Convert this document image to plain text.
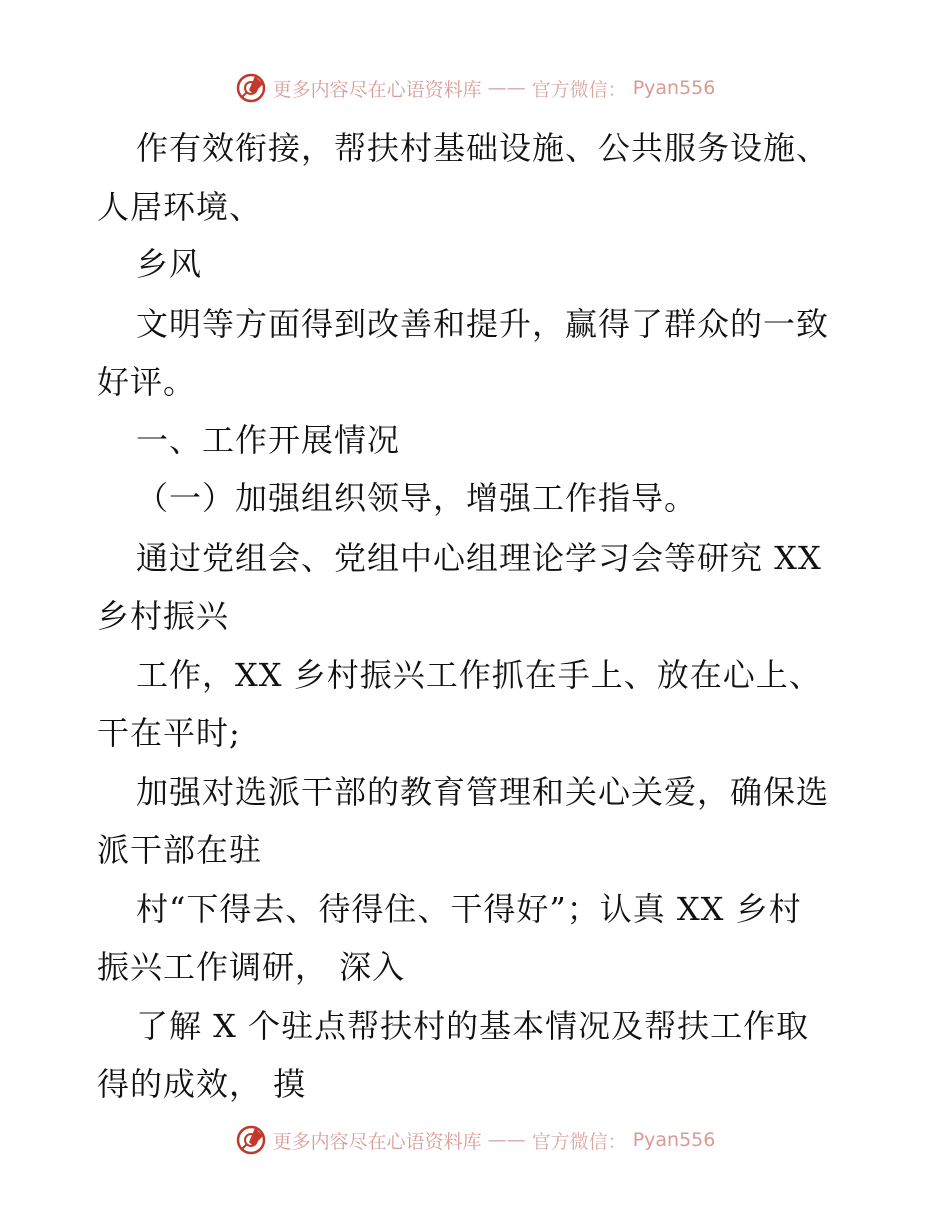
更多内容尽在心语资料库 —— 官方微信： Pyan556
作有效衔接，帮扶村基础设施、公共服务设施、
人居环境、
乡风
文明等方面得到改善和提升，赢得了群众的一致
好评。
一、工作开展情况
（一）加强组织领导，增强工作指导。
通过党组会、党组中心组理论学习会等研究 XX
乡村振兴
工作，XX 乡村振兴工作抓在手上、放在心上、
干在平时;
加强对选派干部的教育管理和关心关爱，确保选
派干部在驻
村“下得去、待得住、干得好”；认真 XX 乡村
振兴工作调研， 深入
了解 X 个驻点帮扶村的基本情况及帮扶工作取
得的成效， 摸
更多内容尽在心语资料库 —— 官方微信： Pyan556
